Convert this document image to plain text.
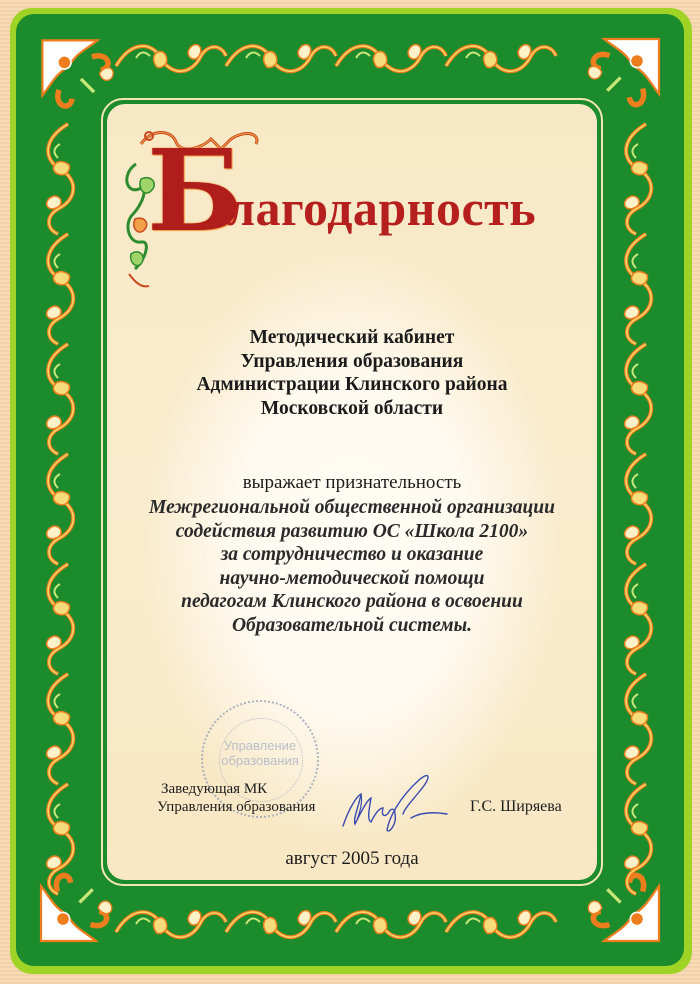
Б
лагодарность
Методический кабинет
Управления образования
Администрации Клинского района
Московской области
выражает признательность
Межрегиональной общественной организации
содействия развитию ОС «Школа 2100»
за сотрудничество и оказание
научно-методической помощи
педагогам Клинского района в освоении
Образовательной системы.
Управление
образования
Заведующая МК
Управления образования	Г.С. Ширяева
август 2005 года
